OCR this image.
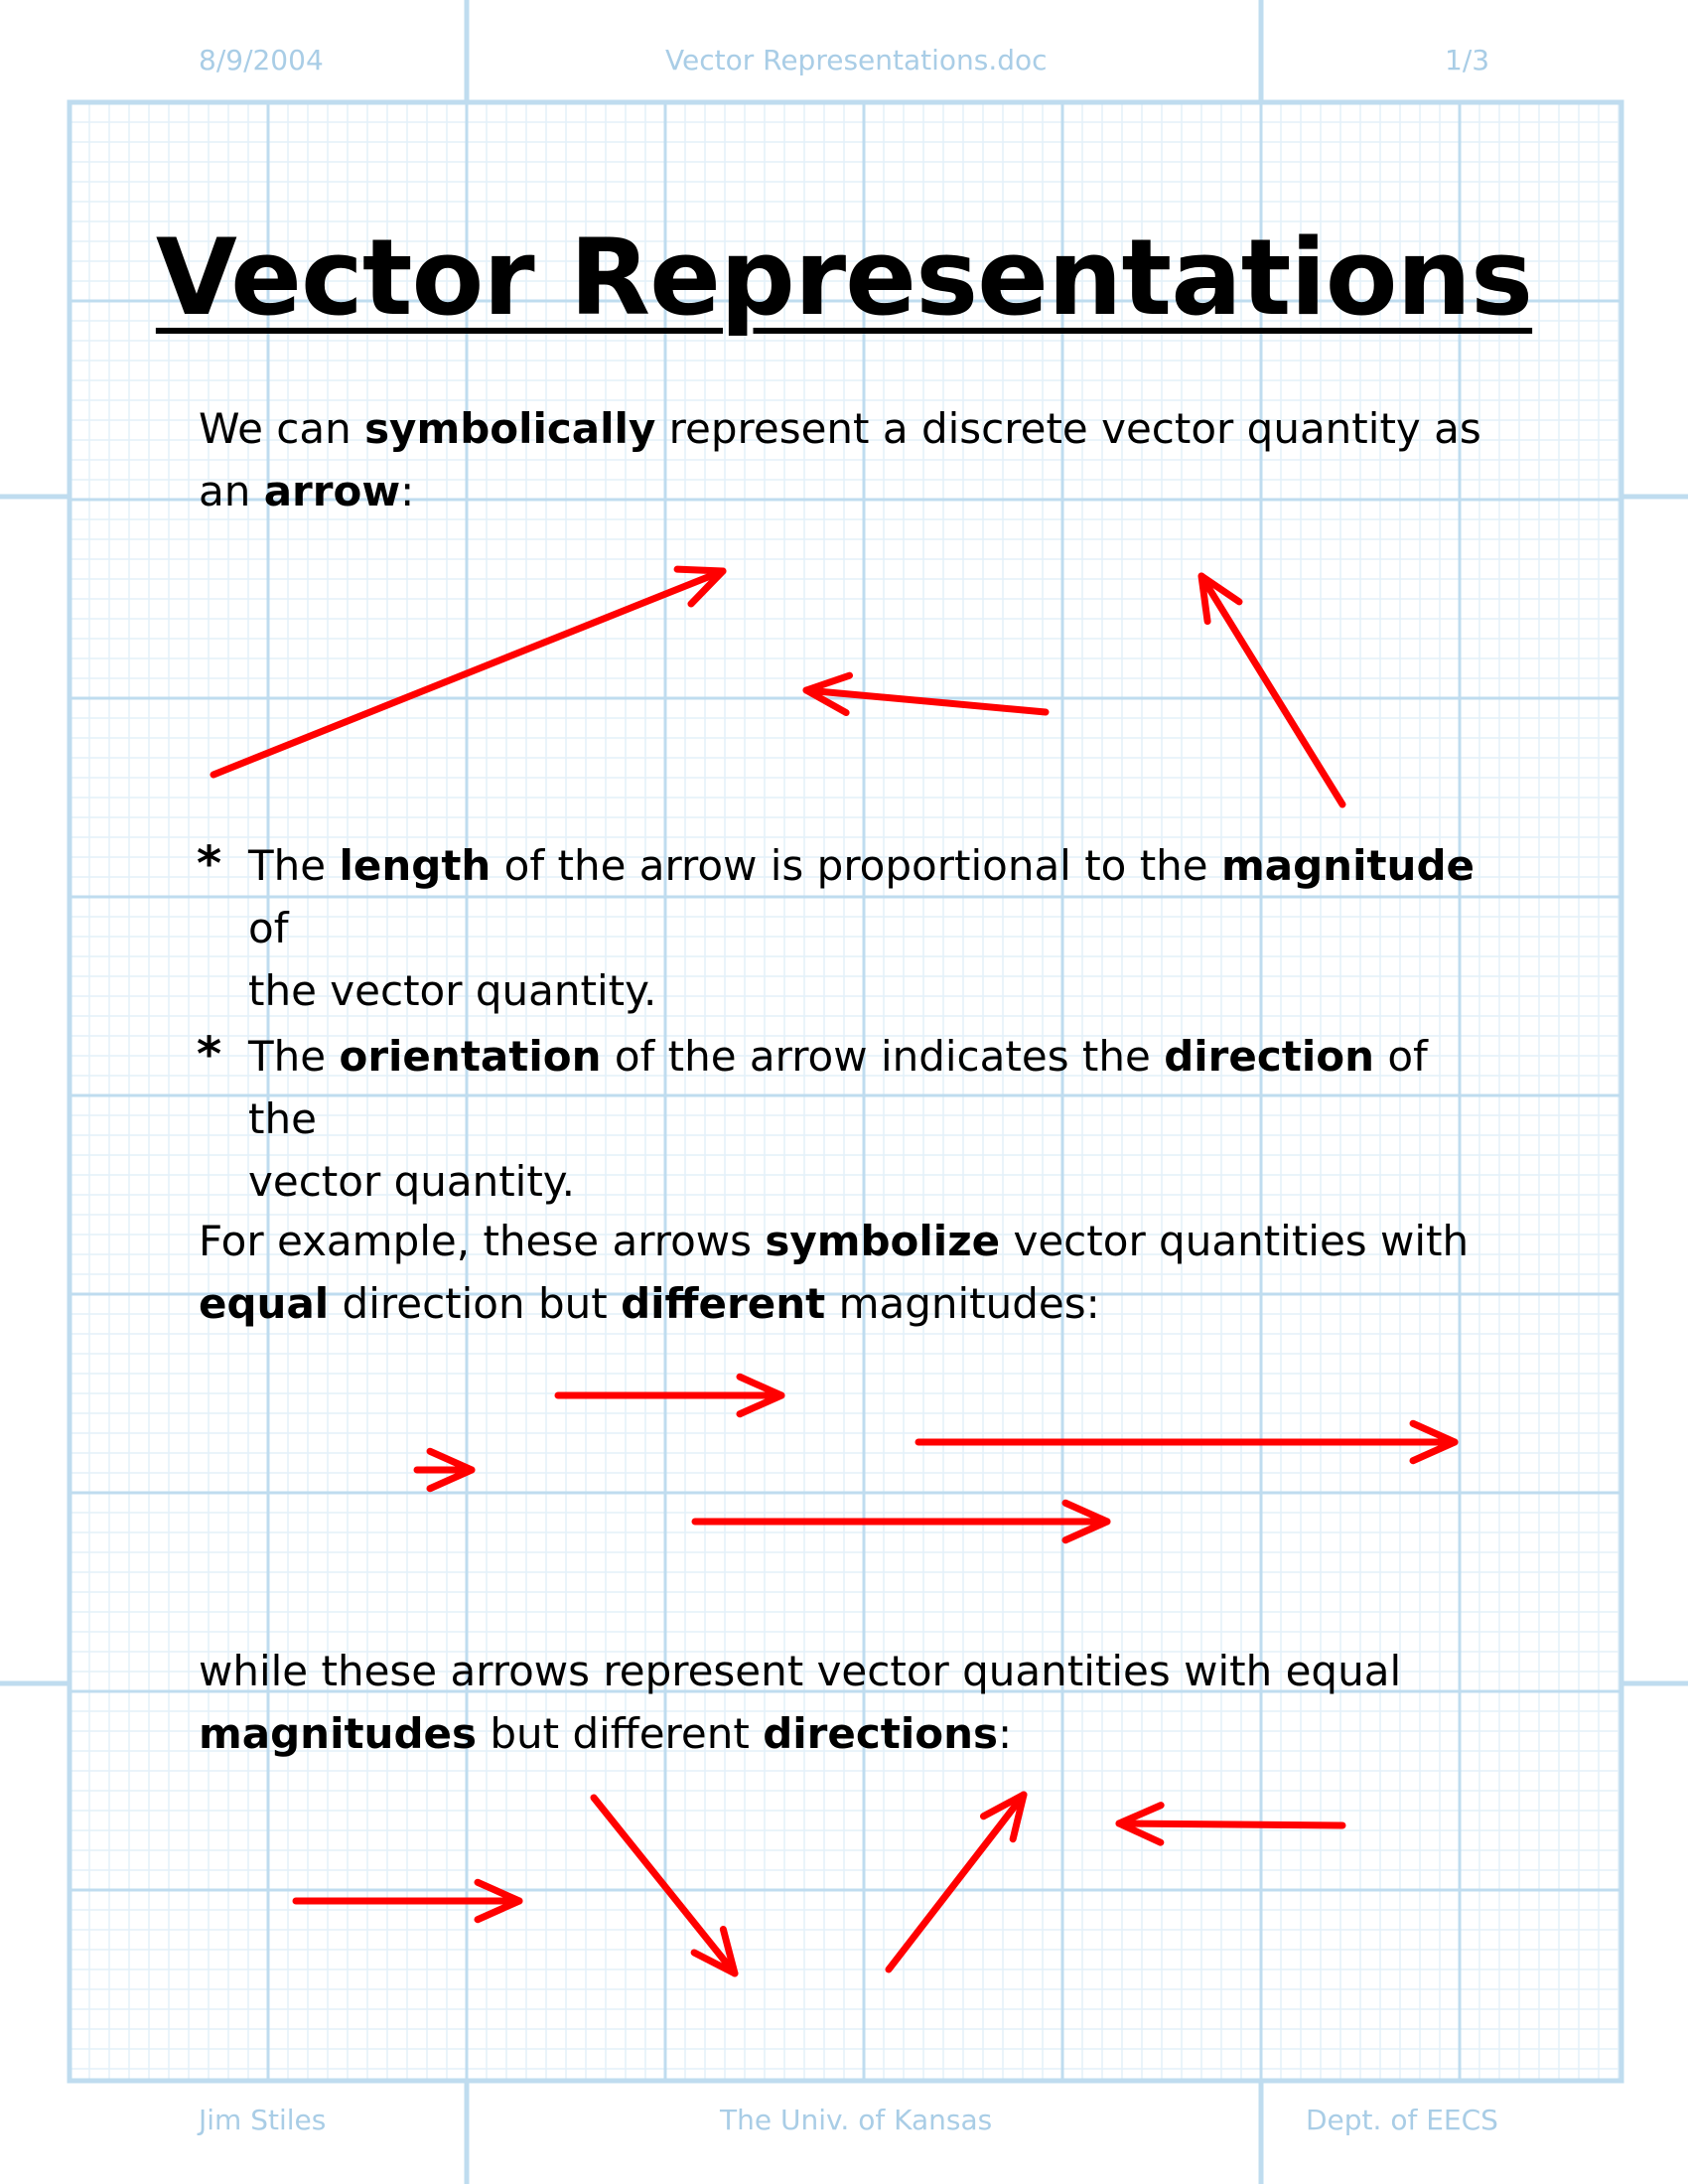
8/9/2004	Vector Representations.doc	1/3
Vector Representations
We can symbolically represent a discrete vector quantity as
an arrow:
* The length of the arrow is proportional to the magnitude of
the vector quantity.
* The orientation of the arrow indicates the direction of the
vector quantity.
For example, these arrows symbolize vector quantities with
equal direction but different magnitudes:
while these arrows represent vector quantities with equal
magnitudes but different directions:
Jim Stiles	The Univ. of Kansas	Dept. of EECS
